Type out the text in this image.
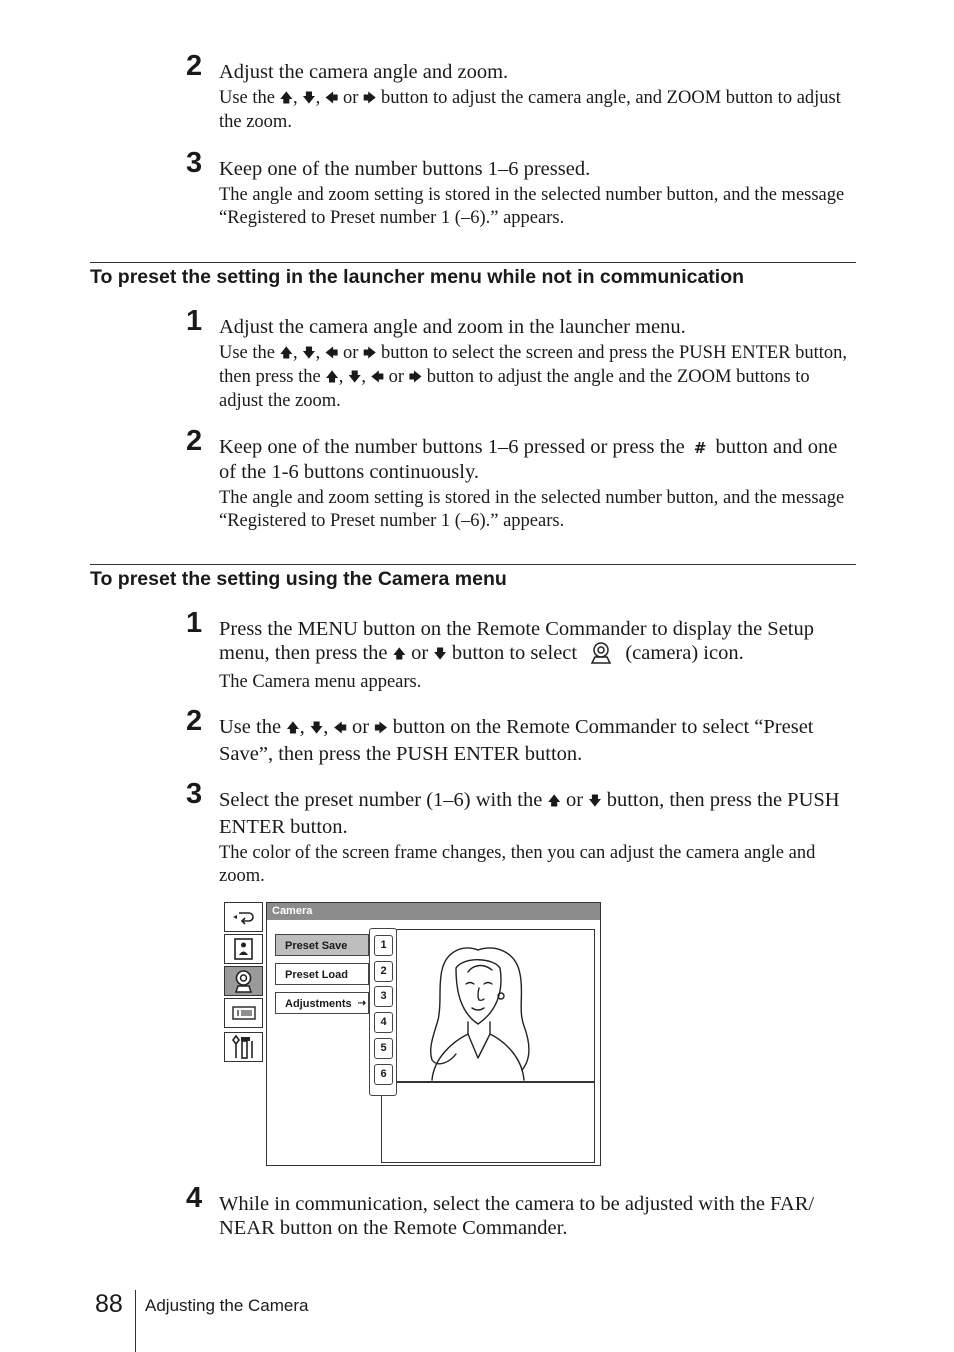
2 Adjust the camera angle and zoom.
Use the 🡅, 🡇, 🡄 or 🡆 button to adjust the camera angle, and ZOOM button to adjust the zoom.
3 Keep one of the number buttons 1–6 pressed.
The angle and zoom setting is stored in the selected number button, and the message “Registered to Preset number 1 (–6).” appears.
To preset the setting in the launcher menu while not in communication
1 Adjust the camera angle and zoom in the launcher menu.
Use the 🡅, 🡇, 🡄 or 🡆 button to select the screen and press the PUSH ENTER button, then press the 🡅, 🡇, 🡄 or 🡆 button to adjust the angle and the ZOOM buttons to adjust the zoom.
2 Keep one of the number buttons 1–6 pressed or press the # button and one of the 1-6 buttons continuously.
The angle and zoom setting is stored in the selected number button, and the message “Registered to Preset number 1 (–6).” appears.
To preset the setting using the Camera menu
1 Press the MENU button on the Remote Commander to display the Setup menu, then press the 🡅 or 🡇 button to select  (camera) icon.
The Camera menu appears.
2 Use the 🡅, 🡇, 🡄 or 🡆 button on the Remote Commander to select “Preset Save”, then press the PUSH ENTER button.
3 Select the preset number (1–6) with the 🡅 or 🡇 button, then press the PUSH ENTER button.
The color of the screen frame changes, then you can adjust the camera angle and zoom.
Camera
Preset Save
Preset Load
Adjustments ⇢
1
2
3
4
5
6
4 While in communication, select the camera to be adjusted with the FAR/ NEAR button on the Remote Commander.
88 Adjusting the Camera
